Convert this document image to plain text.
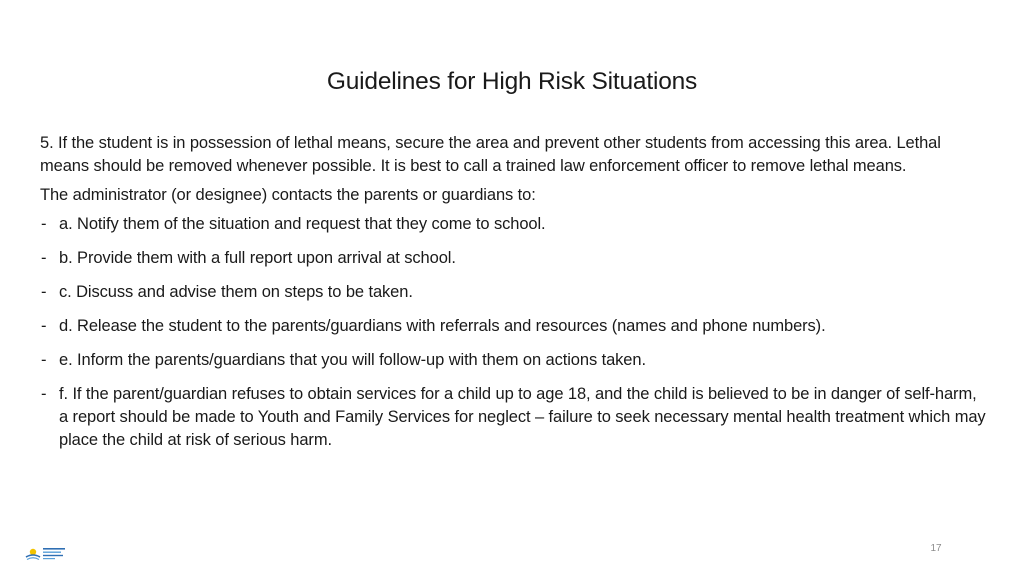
Guidelines for High Risk Situations

5. If the student is in possession of lethal means, secure the area and prevent other students from accessing this area. Lethal means should be removed whenever possible. It is best to call a trained law enforcement officer to remove lethal means.

The administrator (or designee) contacts the parents or guardians to:

- a. Notify them of the situation and request that they come to school.
- b. Provide them with a full report upon arrival at school.
- c. Discuss and advise them on steps to be taken.
- d. Release the student to the parents/guardians with referrals and resources (names and phone numbers).
- e. Inform the parents/guardians that you will follow-up with them on actions taken.
- f. If the parent/guardian refuses to obtain services for a child up to age 18, and the child is believed to be in danger of self-harm, a report should be made to Youth and Family Services for neglect – failure to seek necessary mental health treatment which may place the child at risk of serious harm.
17
